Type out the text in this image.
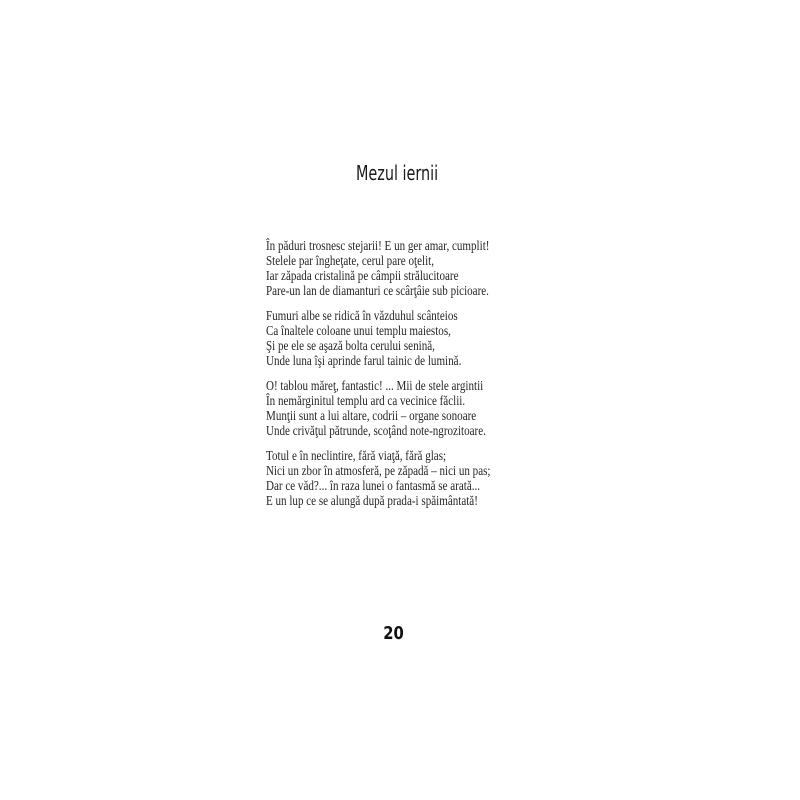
Mezul iernii
În păduri trosnesc stejarii! E un ger amar, cumplit!
Stelele par îngheţate, cerul pare oţelit,
Iar zăpada cristalină pe câmpii strălucitoare
Pare-un lan de diamanturi ce scârţâie sub picioare.
Fumuri albe se ridică în văzduhul scânteios
Ca înaltele coloane unui templu maiestos,
Şi pe ele se aşază bolta cerului senină,
Unde luna îşi aprinde farul tainic de lumină.
O! tablou măreţ, fantastic! ... Mii de stele argintii
În nemărginitul templu ard ca vecinice făclii.
Munţii sunt a lui altare, codrii – organe sonoare
Unde crivăţul pătrunde, scoţând note-ngrozitoare.
Totul e în neclintire, fără viaţă, fără glas;
Nici un zbor în atmosferă, pe zăpadă – nici un pas;
Dar ce văd?... în raza lunei o fantasmă se arată...
E un lup ce se alungă după prada-i spăimântată!
20
